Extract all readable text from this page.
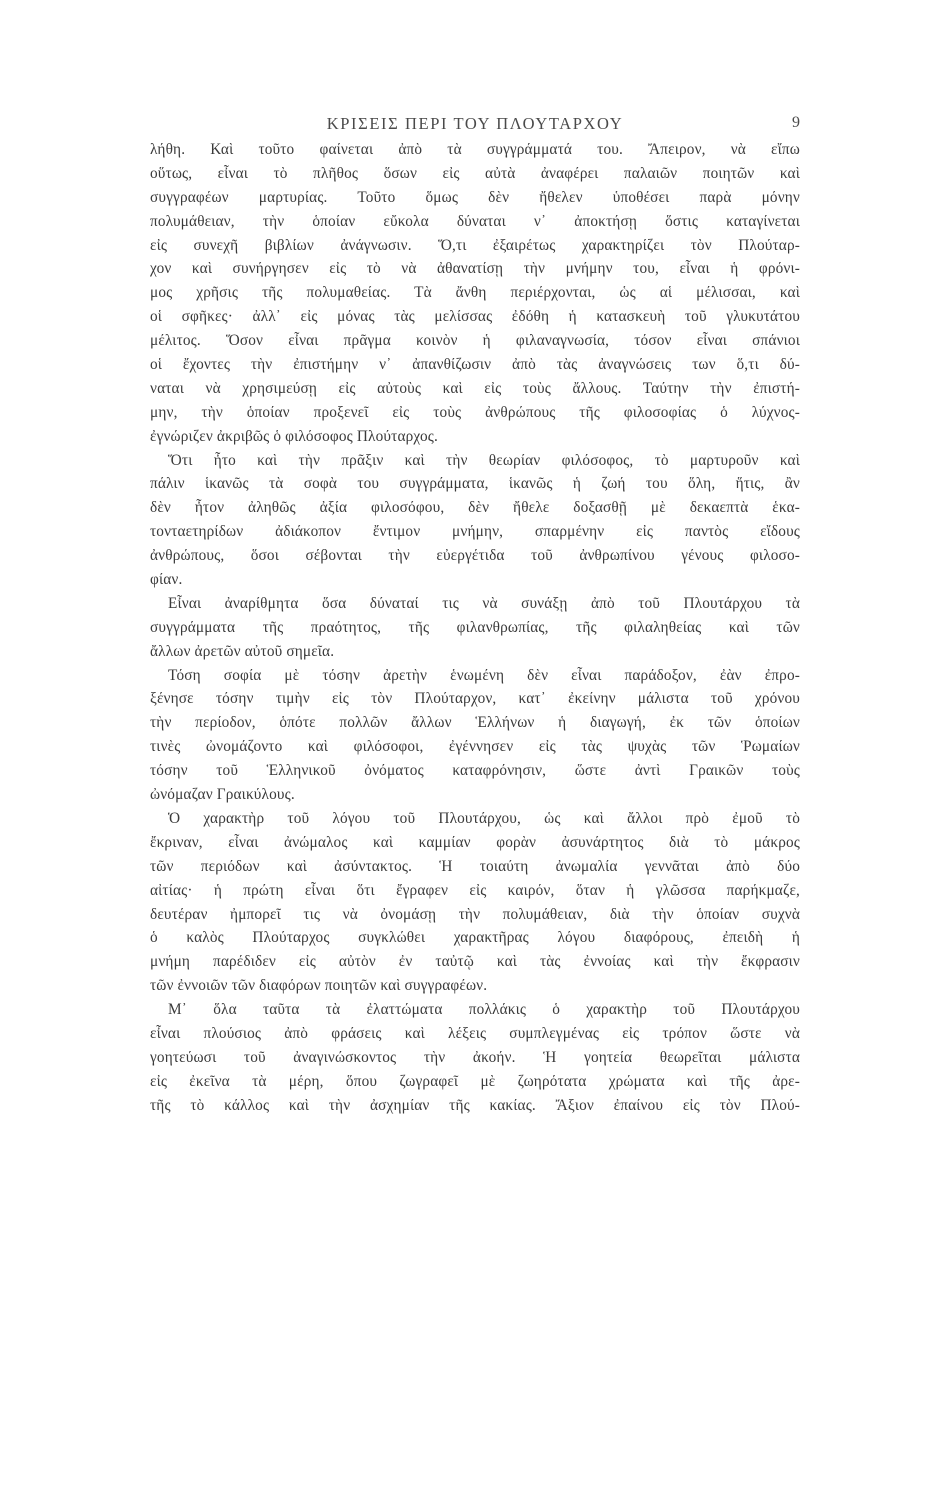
ΚΡΙΣΕΙΣ ΠΕΡΙ ΤΟΥ ΠΛΟΥΤΑΡΧΟΥ	9
λήθη. Καὶ τοῦτο φαίνεται ἀπὸ τὰ συγγράμματά του. Ἄπειρον, νὰ εἴπω
οὕτως, εἶναι τὸ πλῆθος ὅσων εἰς αὐτὰ ἀναφέρει παλαιῶν ποιητῶν καὶ
συγγραφέων μαρτυρίας. Τοῦτο ὅμως δὲν ἤθελεν ὑποθέσει παρὰ μόνην
πολυμάθειαν, τὴν ὁποίαν εὔκολα δύναται ν᾽ ἀποκτήσῃ ὅστις καταγίνεται
εἰς συνεχῆ βιβλίων ἀνάγνωσιν. Ὅ,τι ἐξαιρέτως χαρακτηρίζει τὸν Πλούταρ-
χον καὶ συνήργησεν εἰς τὸ νὰ ἀθανατίσῃ τὴν μνήμην του, εἶναι ἡ φρόνι-
μος χρῆσις τῆς πολυμαθείας. Τὰ ἄνθη περιέρχονται, ὡς αἱ μέλισσαι, καὶ
οἱ σφῆκες· ἀλλ᾽ εἰς μόνας τὰς μελίσσας ἐδόθη ἡ κατασκευὴ τοῦ γλυκυτάτου
μέλιτος. Ὅσον εἶναι πρᾶγμα κοινὸν ἡ φιλαναγνωσία, τόσον εἶναι σπάνιοι
οἱ ἔχοντες τὴν ἐπιστήμην ν᾽ ἀπανθίζωσιν ἀπὸ τὰς ἀναγνώσεις των ὅ,τι δύ-
ναται νὰ χρησιμεύσῃ εἰς αὐτοὺς καὶ εἰς τοὺς ἄλλους. Ταύτην τὴν ἐπιστή-
μην, τὴν ὁποίαν προξενεῖ εἰς τοὺς ἀνθρώπους τῆς φιλοσοφίας ὁ λύχνος-
ἐγνώριζεν ἀκριβῶς ὁ φιλόσοφος Πλούταρχος.
Ὅτι ἦτο καὶ τὴν πρᾶξιν καὶ τὴν θεωρίαν φιλόσοφος, τὸ μαρτυροῦν καὶ
πάλιν ἱκανῶς τὰ σοφὰ του συγγράμματα, ἱκανῶς ἡ ζωή του ὅλη, ἥτις, ἂν
δὲν ἦτον ἀληθῶς ἀξία φιλοσόφου, δὲν ἤθελε δοξασθῇ μὲ δεκαεπτὰ ἑκα-
τονταετηρίδων ἀδιάκοπον ἔντιμον μνήμην, σπαρμένην εἰς παντὸς εἴδους
ἀνθρώπους, ὅσοι σέβονται τὴν εὐεργέτιδα τοῦ ἀνθρωπίνου γένους φιλοσο-
φίαν.
Εἶναι ἀναρίθμητα ὅσα δύναταί τις νὰ συνάξῃ ἀπὸ τοῦ Πλουτάρχου τὰ
συγγράμματα τῆς πραότητος, τῆς φιλανθρωπίας, τῆς φιλαληθείας καὶ τῶν
ἄλλων ἀρετῶν αὐτοῦ σημεῖα.
Τόση σοφία μὲ τόσην ἀρετὴν ἑνωμένη δὲν εἶναι παράδοξον, ἐὰν ἐπρο-
ξένησε τόσην τιμὴν εἰς τὸν Πλούταρχον, κατ᾽ ἐκείνην μάλιστα τοῦ χρόνου
τὴν περίοδον, ὁπότε πολλῶν ἄλλων Ἑλλήνων ἡ διαγωγή, ἐκ τῶν ὁποίων
τινὲς ὠνομάζοντο καὶ φιλόσοφοι, ἐγέννησεν εἰς τὰς ψυχὰς τῶν Ῥωμαίων
τόσην τοῦ Ἑλληνικοῦ ὀνόματος καταφρόνησιν, ὥστε ἀντὶ Γραικῶν τοὺς
ὠνόμαζαν Γραικύλους.
Ὁ χαρακτὴρ τοῦ λόγου τοῦ Πλουτάρχου, ὡς καὶ ἄλλοι πρὸ ἐμοῦ τὸ
ἔκριναν, εἶναι ἀνώμαλος καὶ καμμίαν φορὰν ἀσυνάρτητος διὰ τὸ μάκρος
τῶν περιόδων καὶ ἀσύντακτος. Ἡ τοιαύτη ἀνωμαλία γεννᾶται ἀπὸ δύο
αἰτίας· ἡ πρώτη εἶναι ὅτι ἔγραφεν εἰς καιρόν, ὅταν ἡ γλῶσσα παρήκμαζε,
δευτέραν ἠμπορεῖ τις νὰ ὀνομάσῃ τὴν πολυμάθειαν, διὰ τὴν ὁποίαν συχνὰ
ὁ καλὸς Πλούταρχος συγκλώθει χαρακτῆρας λόγου διαφόρους, ἐπειδὴ ἡ
μνήμη παρέδιδεν εἰς αὐτὸν ἐν ταὐτῷ καὶ τὰς ἐννοίας καὶ τὴν ἔκφρασιν
τῶν ἐννοιῶν τῶν διαφόρων ποιητῶν καὶ συγγραφέων.
Μ᾽ ὅλα ταῦτα τὰ ἐλαττώματα πολλάκις ὁ χαρακτὴρ τοῦ Πλουτάρχου
εἶναι πλούσιος ἀπὸ φράσεις καὶ λέξεις συμπλεγμένας εἰς τρόπον ὥστε νὰ
γοητεύωσι τοῦ ἀναγινώσκοντος τὴν ἀκοήν. Ἡ γοητεία θεωρεῖται μάλιστα
εἰς ἐκεῖνα τὰ μέρη, ὅπου ζωγραφεῖ μὲ ζωηρότατα χρώματα καὶ τῆς ἀρε-
τῆς τὸ κάλλος καὶ τὴν ἀσχημίαν τῆς κακίας. Ἄξιον ἐπαίνου εἰς τὸν Πλού-
